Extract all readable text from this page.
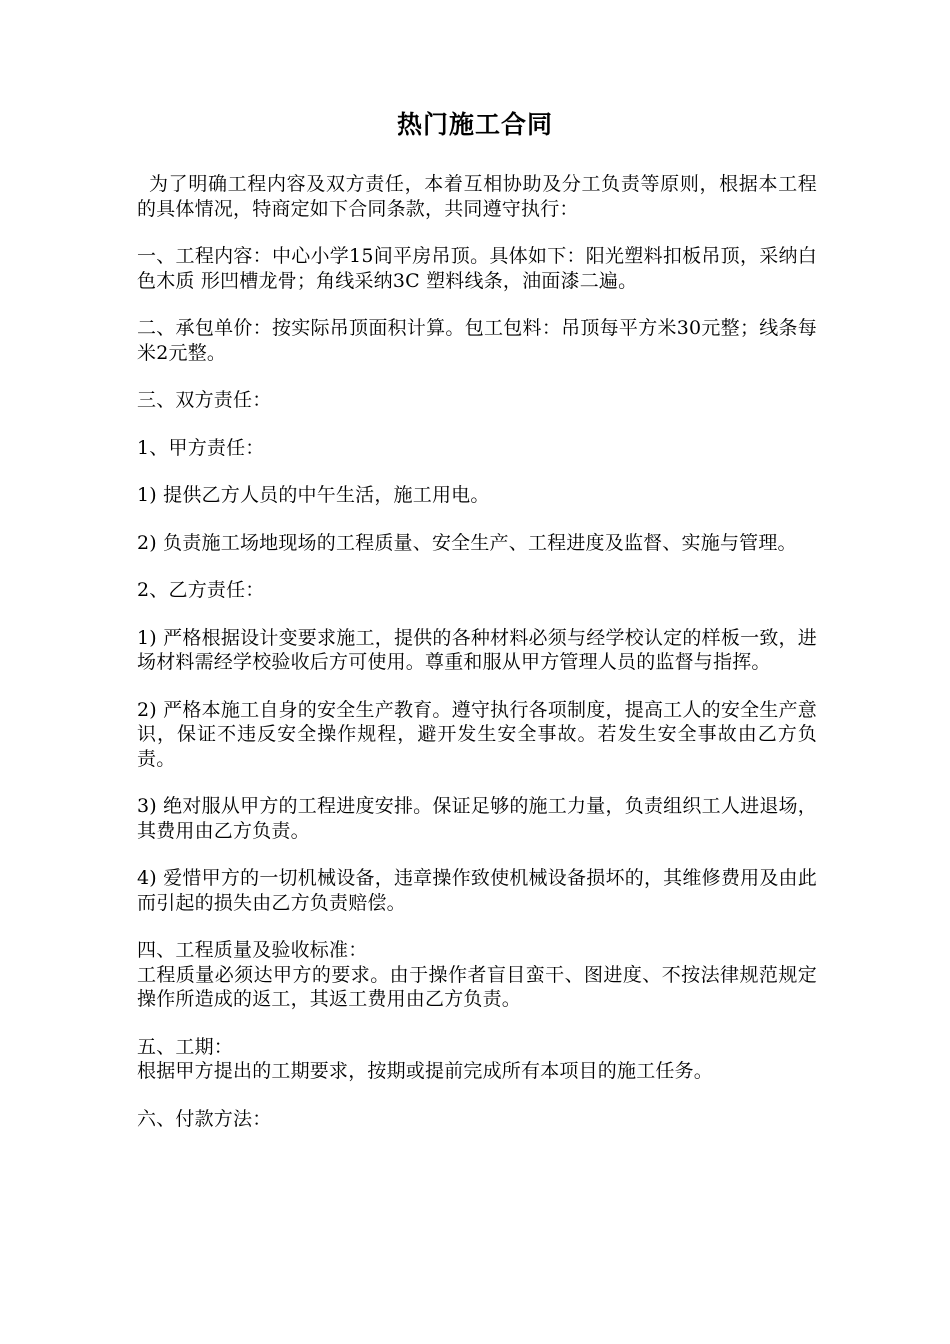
热门施工合同

为了明确工程内容及双方责任，本着互相协助及分工负责等原则，根据本工程的具体情况，特商定如下合同条款，共同遵守执行：

一、工程内容：中心小学15间平房吊顶。具体如下：阳光塑料扣板吊顶，采纳白色木质 形凹槽龙骨；角线采纳3C 塑料线条，油面漆二遍。

二、承包单价：按实际吊顶面积计算。包工包料：吊顶每平方米30元整；线条每米2元整。

三、双方责任：

1、甲方责任：

1) 提供乙方人员的中午生活，施工用电。

2) 负责施工场地现场的工程质量、安全生产、工程进度及监督、实施与管理。

2、乙方责任：

1) 严格根据设计变要求施工，提供的各种材料必须与经学校认定的样板一致，进场材料需经学校验收后方可使用。尊重和服从甲方管理人员的监督与指挥。

2) 严格本施工自身的安全生产教育。遵守执行各项制度，提高工人的安全生产意识，保证不违反安全操作规程，避开发生安全事故。若发生安全事故由乙方负责。

3) 绝对服从甲方的工程进度安排。保证足够的施工力量，负责组织工人进退场，其费用由乙方负责。

4) 爱惜甲方的一切机械设备，违章操作致使机械设备损坏的，其维修费用及由此而引起的损失由乙方负责赔偿。

四、工程质量及验收标准：

工程质量必须达甲方的要求。由于操作者盲目蛮干、图进度、不按法律规范规定操作所造成的返工，其返工费用由乙方负责。

五、工期：

根据甲方提出的工期要求，按期或提前完成所有本项目的施工任务。

六、付款方法：
